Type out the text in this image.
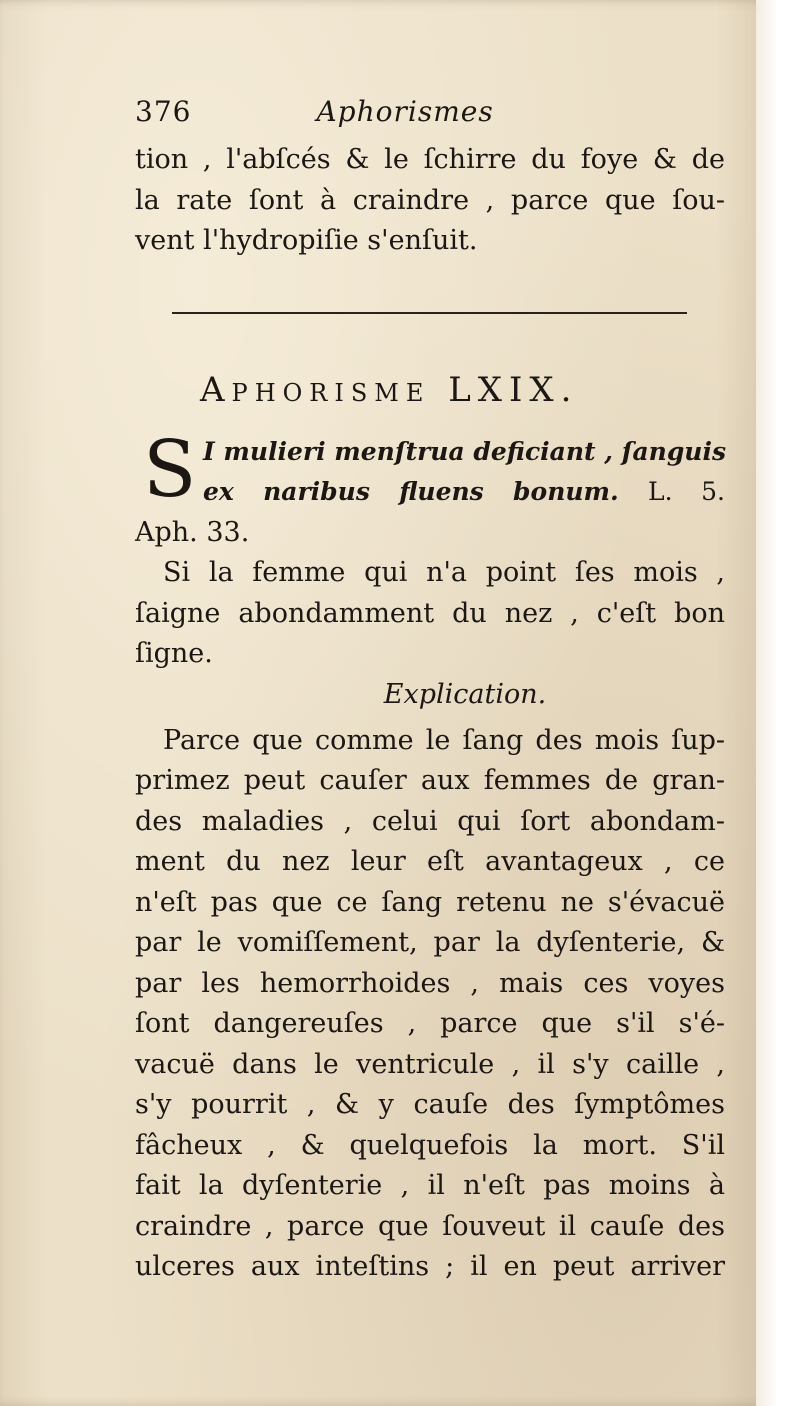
376	Aphorismes
tion , l'abſcés & le ſchirre du foye & de
la rate ſont à craindre , parce que ſou-
vent l'hydropiſie s'enſuit.
Aphorisme LXIX.
S I mulieri menſtrua deficiant , ſanguis
ex naribus fluens bonum. L. 5.
Aph. 33.
Si la femme qui n'a point ſes mois ,
ſaigne abondamment du nez , c'eſt bon
ſigne.
Explication.
Parce que comme le ſang des mois ſup-
primez peut cauſer aux femmes de gran-
des maladies , celui qui ſort abondam-
ment du nez leur eſt avantageux , ce
n'eſt pas que ce ſang retenu ne s'évacuë
par le vomiſſement, par la dyſenterie, &
par les hemorrhoides , mais ces voyes
ſont dangereuſes , parce que s'il s'é-
vacuë dans le ventricule , il s'y caille ,
s'y pourrit , & y cauſe des ſymptômes
fâcheux , & quelquefois la mort. S'il
fait la dyſenterie , il n'eſt pas moins à
craindre , parce que ſouveut il cauſe des
ulceres aux inteſtins ; il en peut arriver
